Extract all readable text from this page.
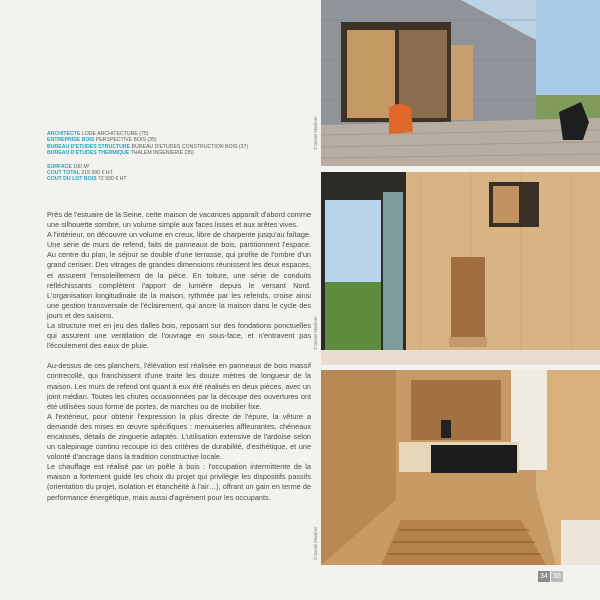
ARCHITECTE LODE ARCHITECTURE (75)
ENTREPRISE BOIS PERSPECTIVE BOIS (35)
BUREAU D'ÉTUDES STRUCTURE BUREAU D'ÉTUDES CONSTRUCTION BOIS (37)
BUREAU D'ÉTUDES THERMIQUE THALEM INGÉNIERIE (35)
SURFACE 100 M²
COÛT TOTAL 215 000 € HT
COÛT DU LOT BOIS 72 500 € HT

Près de l'estuaire de la Seine, cette maison de vacances apparaît d'abord comme une silhouette sombre, un volume simple aux faces lisses et aux arêtes vives.

A l'intérieur, on découvre un volume en creux, libre de charpente jusqu'au faîtage. Une série de murs de refend, faits de panneaux de bois, partitionnent l'espace. Au centre du plan, le séjour se double d'une terrasse, qui profite de l'ombre d'un grand cerisier. Des vitrages de grandes dimensions réunissent les deux espaces, et assurent l'ensoleillement de la pièce. En toiture, une série de conduits réfléchissants complètent l'apport de lumière depuis le versant Nord. L'organisation longitudinale de la maison, rythmée par les refends, croise ainsi une gestion transversale de l'éclairement, qui ancre la maison dans le cycle des jours et des saisons.

La structure met en jeu des dalles bois, reposant sur des fondations ponctuelles qui assurent une ventilation de l'ouvrage en sous-face, et n'entravent pas l'écoulement des eaux de pluie.

Au-dessus de ces planchers, l'élévation est réalisée en panneaux de bois massif contrecollé, qui franchissent d'une traite les douze mètres de longueur de la maison. Les murs de refend ont quant à eux été réalisés en deux pièces, avec un joint médian. Toutes les chutes occasionnées par la découpe des ouvertures ont été utilisées sous forme de portes, de marches ou de mobilier fixe.

A l'extérieur, pour obtenir l'expression la plus directe de l'épure, la vêture a demandé des mises en œuvre spécifiques : menuiseries affleurantes, chéneaux encaissés, détails de zinguerie adaptés. L'utilisation extensive de l'ardoise selon un calepinage continu recoupe ici des critères de durabilité, d'esthétique, et une volonté d'ancrage dans la tradition constructive locale.

Le chauffage est réalisé par un poêle à bois : l'occupation intermittente de la maison a fortement guidé les choix du projet qui privilégie les dispositifs passifs (orientation du projet, isolation et étanchéité à l'air…), offrant un gain en terme de performance énergétique, mais aussi d'agrément pour les occupants.

© Daniel Moulinet
© Daniel Moulinet
© Daniel Moulinet
34 35
